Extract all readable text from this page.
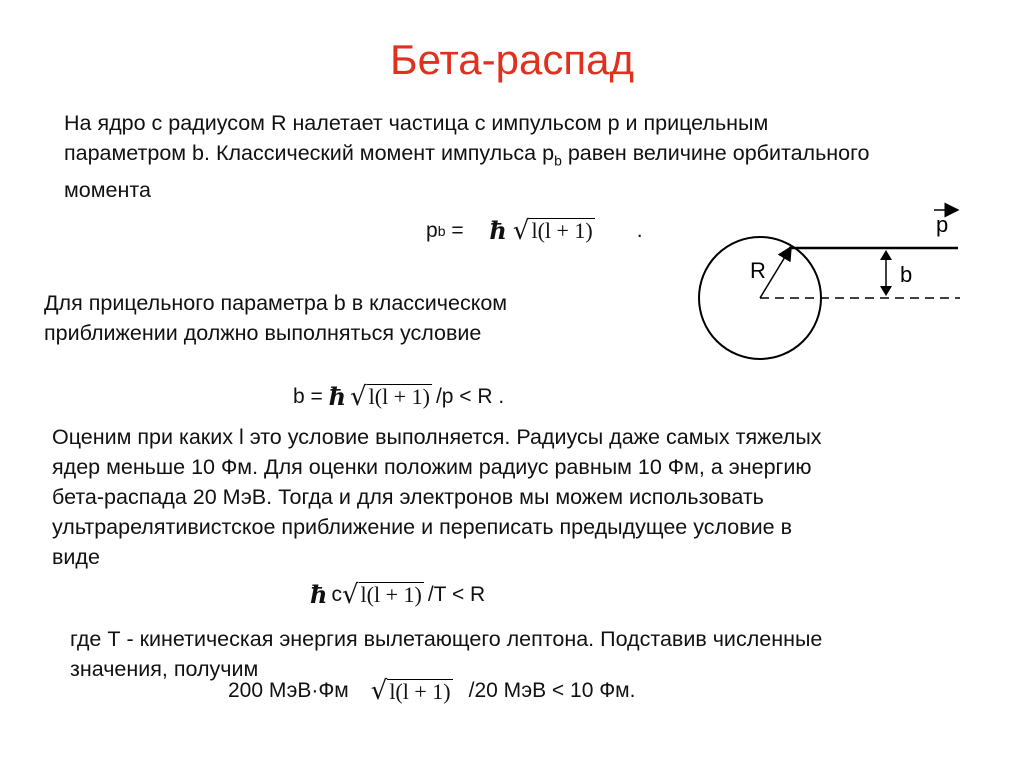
Бета-распад
На ядро с радиусом R налетает частица с импульсом p и прицельным
параметром b. Классический момент импульса $p_b$ равен величине орбитального
момента
p b = ħ √ l(l + 1) .
Для прицельного параметра b в классическом
приближении должно выполняться условие
b = ħ √ l(l + 1) /p < R .
Оценим при каких l это условие выполняется. Радиусы даже самых тяжелых
ядер меньше 10 Фм. Для оценки положим радиус равным 10 Фм, а энергию
бета-распада 20 МэВ. Тогда и для электронов мы можем использовать
ультрарелятивистское приближение и переписать предыдущее условие в
виде
ħ c √ l(l + 1) /T < R
где Т - кинетическая энергия вылетающего лептона. Подставив численные
значения, получим
200 МэВ·Фм √ l(l + 1) /20 МэВ < 10 Фм.
R	b
p
